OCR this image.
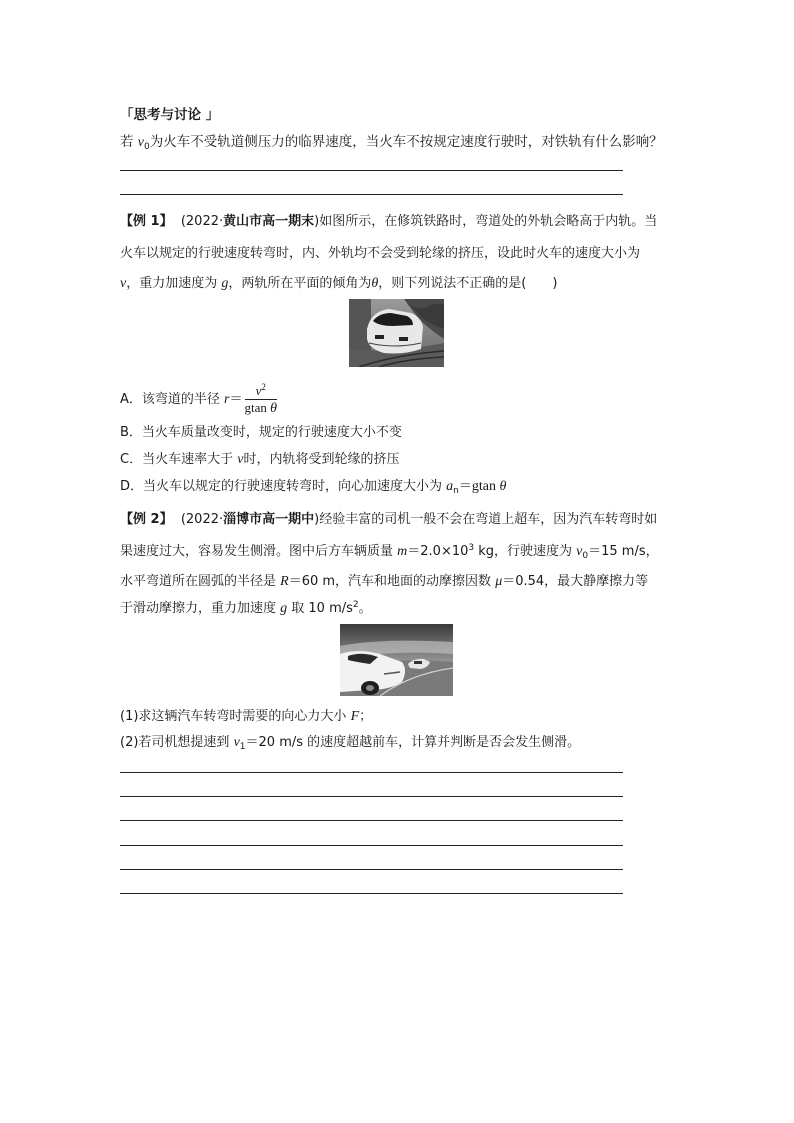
「思考与讨论 」
若 $v_0$为火车不受轨道侧压力的临界速度，当火车不按规定速度行驶时，对铁轨有什么影响？
【例 1】 (2022·黄山市高一期末)如图所示，在修筑铁路时，弯道处的外轨会略高于内轨。当
火车以规定的行驶速度转弯时，内、外轨均不会受到轮缘的挤压，设此时火车的速度大小为
v，重力加速度为 g，两轨所在平面的倾角为θ，则下列说法不正确的是(　　)
A．该弯道的半径 $r= \frac{v^2}{\text{gtan θ}}$
B．当火车质量改变时，规定的行驶速度大小不变
C．当火车速率大于 v时，内轨将受到轮缘的挤压
D．当火车以规定的行驶速度转弯时，向心加速度大小为 $a_n=gtan$ θ
【例 2】 (2022·淄博市高一期中)经验丰富的司机一般不会在弯道上超车，因为汽车转弯时如
果速度过大，容易发生侧滑。图中后方车辆质量 $m=2.0\times 10^3$ kg，行驶速度为 $v_0=15$ m/s，
水平弯道所在圆弧的半径是 R＝60 m，汽车和地面的动摩擦因数 μ＝0.54，最大静摩擦力等
于滑动摩擦力，重力加速度 g 取 10 $m/s^2$。
(1)求这辆汽车转弯时需要的向心力大小 F；
(2)若司机想提速到 $v_1=20$ m/s 的速度超越前车，计算并判断是否会发生侧滑。
